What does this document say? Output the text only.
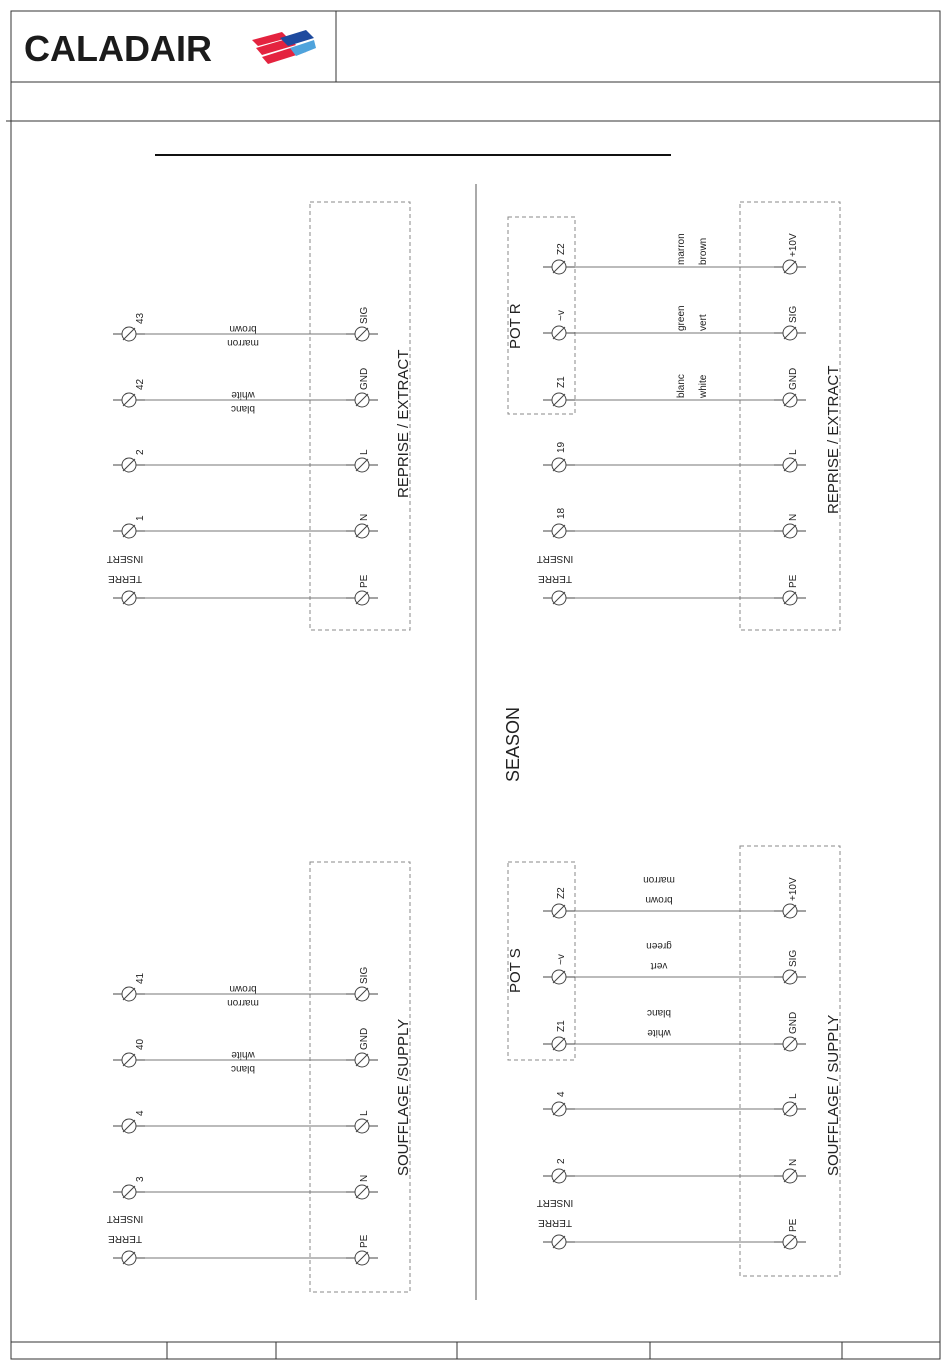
CALADAIR
43	SIG
brown
marron
42	GND
white
blanc
2	L
1	N
PE
INSERT
TERRE
41	SIG
brown
marron
40	GND
white
blanc
4	L
3	N
PE
INSERT
TERRE
Z2	+10V
marron brown
~v	SIG
green vert
Z1	GND
blanc white
19	L
18	N
PE
INSERT
TERRE
Z2	+10V
brown
marron
~v	SIG
vert
green
Z1	GND
white
blanc
4	L
2	N
PE
INSERT
TERRE
REPRISE / EXTRACT
SOUFFLAGE /SUPPLY
REPRISE / EXTRACT
SOUFFLAGE / SUPPLY
POT R
POT S
SEASON
